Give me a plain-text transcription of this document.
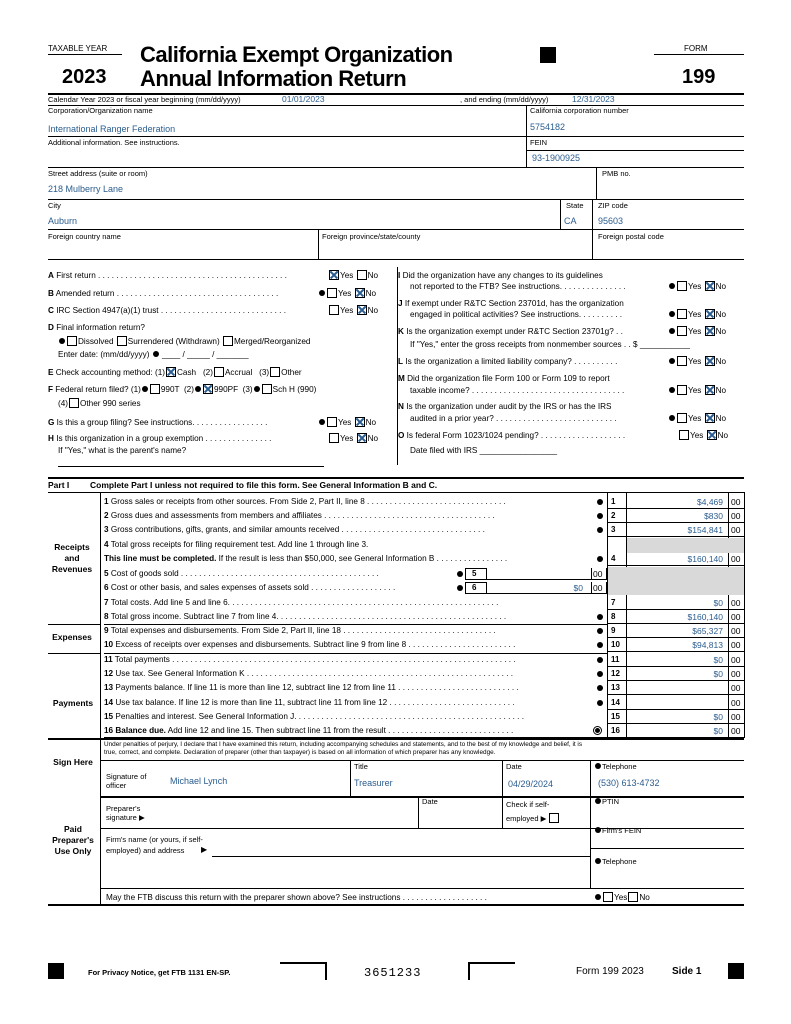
TAXABLE YEAR
2023
California Exempt Organization
Annual Information Return
FORM
199
Calendar Year 2023 or fiscal year beginning (mm/dd/yyyy)	01/01/2023	, and ending (mm/dd/yyyy)	12/31/2023
Corporation/Organization name
International Ranger Federation
California corporation number
5754182
Additional information. See instructions.	FEIN
93-1900925
Street address (suite or room)
218 Mulberry Lane
PMB no.
City
Auburn
State
CA
ZIP code
95603
Foreign country name	Foreign province/state/county	Foreign postal code
A First return . . . . . . . . . . . . . . . . . . . . . . . . . . . . . . . . . . . . . . . . . .	Yes No
B Amended return . . . . . . . . . . . . . . . . . . . . . . . . . . . . . . . . . . . .	Yes No
C IRC Section 4947(a)(1) trust . . . . . . . . . . . . . . . . . . . . . . . . . . . .	Yes No
D Final information return?
Dissolved Surrendered (Withdrawn) Merged/Reorganized
Enter date: (mm/dd/yyyy)  ____ / _____ / _______
E Check accounting method: (1) Cash (2) Accrual (3) Other
F Federal return filed? (1) 990T (2) 990PF (3) Sch H (990)
(4) Other 990 series
G Is this a group filing? See instructions. . . . . . . . . . . . . . . . .	Yes No
H Is this organization in a group exemption . . . . . . . . . . . . . . .	Yes No
If "Yes," what is the parent's name?
I Did the organization have any changes to its guidelines
not reported to the FTB? See instructions. . . . . . . . . . . . . . .	Yes No
J If exempt under R&TC Section 23701d, has the organization
engaged in political activities? See instructions. . . . . . . . . .	Yes No
K Is the organization exempt under R&TC Section 23701g? . .	Yes No
If "Yes," enter the gross receipts from nonmember sources . . $ ___________
L Is the organization a limited liability company? . . . . . . . . . .	Yes No
M Did the organization file Form 100 or Form 109 to report
taxable income? . . . . . . . . . . . . . . . . . . . . . . . . . . . . . . . . . .	Yes No
N Is the organization under audit by the IRS or has the IRS
audited in a prior year? . . . . . . . . . . . . . . . . . . . . . . . . . . .	Yes No
O Is federal Form 1023/1024 pending? . . . . . . . . . . . . . . . . . . .	Yes No
Date filed with IRS _________________
Part I Complete Part I unless not required to file this form. See General Information B and C.
Receipts and Revenues
Expenses
Payments
1 Gross sales or receipts from other sources. From Side 2, Part II, line 8 . . . . . . . . . . . . . . . . . . . . . . . . . . . . . . .	1	$4,469 00
2 Gross dues and assessments from members and affiliates . . . . . . . . . . . . . . . . . . . . . . . . . . . . . . . . . . . . . .	2	$830 00
3 Gross contributions, gifts, grants, and similar amounts received . . . . . . . . . . . . . . . . . . . . . . . . . . . . . . . .	3	$154,841 00
4 Total gross receipts for filing requirement test. Add line 1 through line 3.
This line must be completed. If the result is less than $50,000, see General Information B . . . . . . . . . . . . . . . .	4	$160,140 00
5 Cost of goods sold . . . . . . . . . . . . . . . . . . . . . . . . . . . . . . . . . . . . . . . . . . . .	5	00
6 Cost or other basis, and sales expenses of assets sold . . . . . . . . . . . . . . . . . . .	6	$0 00
7 Total costs. Add line 5 and line 6. . . . . . . . . . . . . . . . . . . . . . . . . . . . . . . . . . . . . . . . . . . . . . . . . . . . . . . . . . . .	7	$0 00
8 Total gross income. Subtract line 7 from line 4. . . . . . . . . . . . . . . . . . . . . . . . . . . . . . . . . . . . . . . . . . . . . . . . . . .	8	$160,140 00
9 Total expenses and disbursements. From Side 2, Part II, line 18 . . . . . . . . . . . . . . . . . . . . . . . . . . . . . . . . . .	9	$65,327 00
10 Excess of receipts over expenses and disbursements. Subtract line 9 from line 8 . . . . . . . . . . . . . . . . . . . . . . . .	10	$94,813 00
11 Total payments . . . . . . . . . . . . . . . . . . . . . . . . . . . . . . . . . . . . . . . . . . . . . . . . . . . . . . . . . . . . . . . . . . . . . . . . . . . .	11	$0 00
12 Use tax. See General Information K . . . . . . . . . . . . . . . . . . . . . . . . . . . . . . . . . . . . . . . . . . . . . . . . . . . . . . . . . . .	12	$0 00
13 Payments balance. If line 11 is more than line 12, subtract line 12 from line 11 . . . . . . . . . . . . . . . . . . . . . . . . . . .	13	00
14 Use tax balance. If line 12 is more than line 11, subtract line 11 from line 12 . . . . . . . . . . . . . . . . . . . . . . . . . . . .	14	00
15 Penalties and interest. See General Information J. . . . . . . . . . . . . . . . . . . . . . . . . . . . . . . . . . . . . . . . . . . . . . . . . . .	15	$0 00
16 Balance due. Add line 12 and line 15. Then subtract line 11 from the result . . . . . . . . . . . . . . . . . . . . . . . . . . . .	16	$0 00
Under penalties of perjury, I declare that I have examined this return, including accompanying schedules and statements, and to the best of my knowledge and belief, it is
true, correct, and complete. Declaration of preparer (other than taxpayer) is based on all information of which preparer has any knowledge.
Sign Here
Signature of officer	Michael Lynch
Title
Treasurer
Date
04/29/2024
Telephone
(530) 613-4732
Paid Preparer's Use Only
Preparer's signature ▶
Date	Check if self-employed ▶
PTIN
Firm's name (or yours, if self-employed) and address	▶
Firm's FEIN
Telephone
May the FTB discuss this return with the preparer shown above? See instructions . . . . . . . . . . . . . . . . . . .	Yes No
For Privacy Notice, get FTB 1131 EN-SP.	3651233	Form 199 2023	Side 1
